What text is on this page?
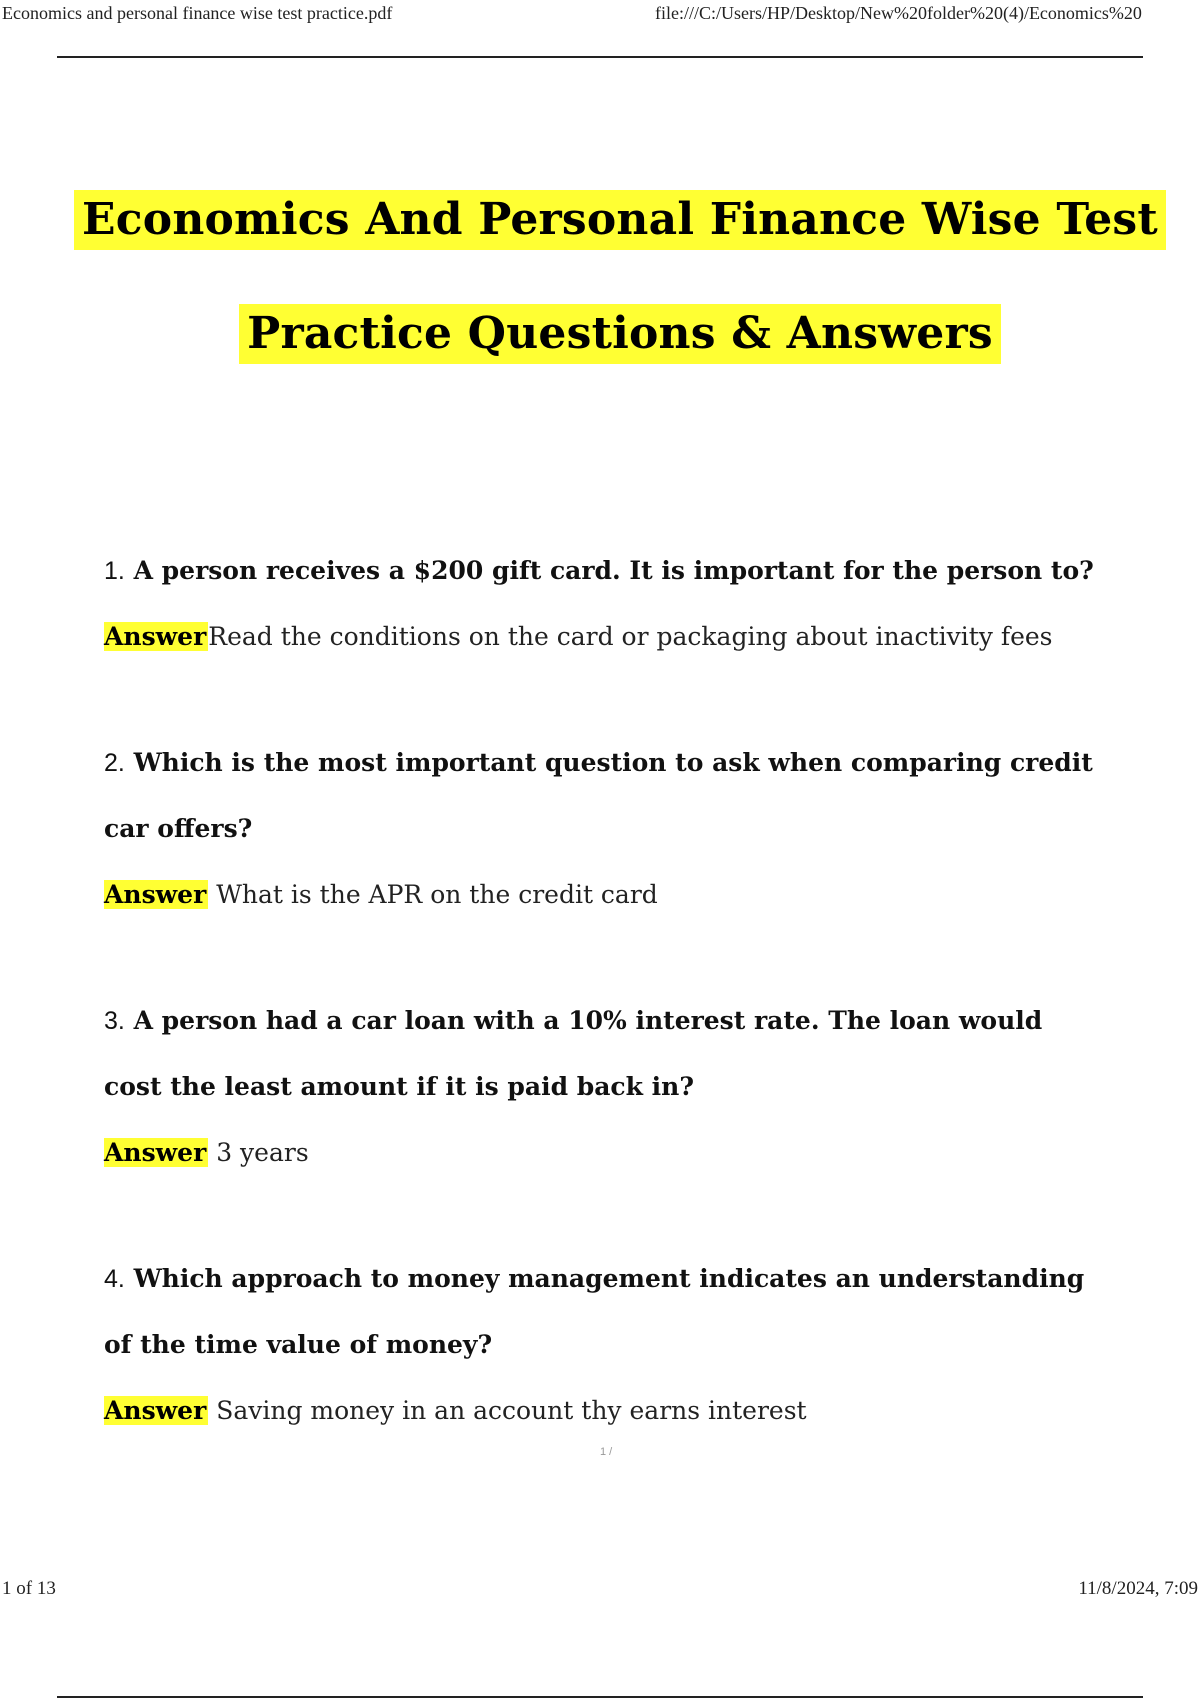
Economics and personal finance wise test practice.pdf	file:///C:/Users/HP/Desktop/New%20folder%20(4)/Economics%20
Economics And Personal Finance Wise Test
Practice Questions & Answers

1. A person receives a $200 gift card. It is important for the person to?

AnswerRead the conditions on the card or packaging about inactivity fees

2. Which is the most important question to ask when comparing credit car offers?

Answer What is the APR on the credit card

3. A person had a car loan with a 10% interest rate. The loan would cost the least amount if it is paid back in?

Answer 3 years

4. Which approach to money management indicates an understanding of the time value of money?

Answer Saving money in an account thy earns interest

1 /
1 of 13	11/8/2024, 7:09
